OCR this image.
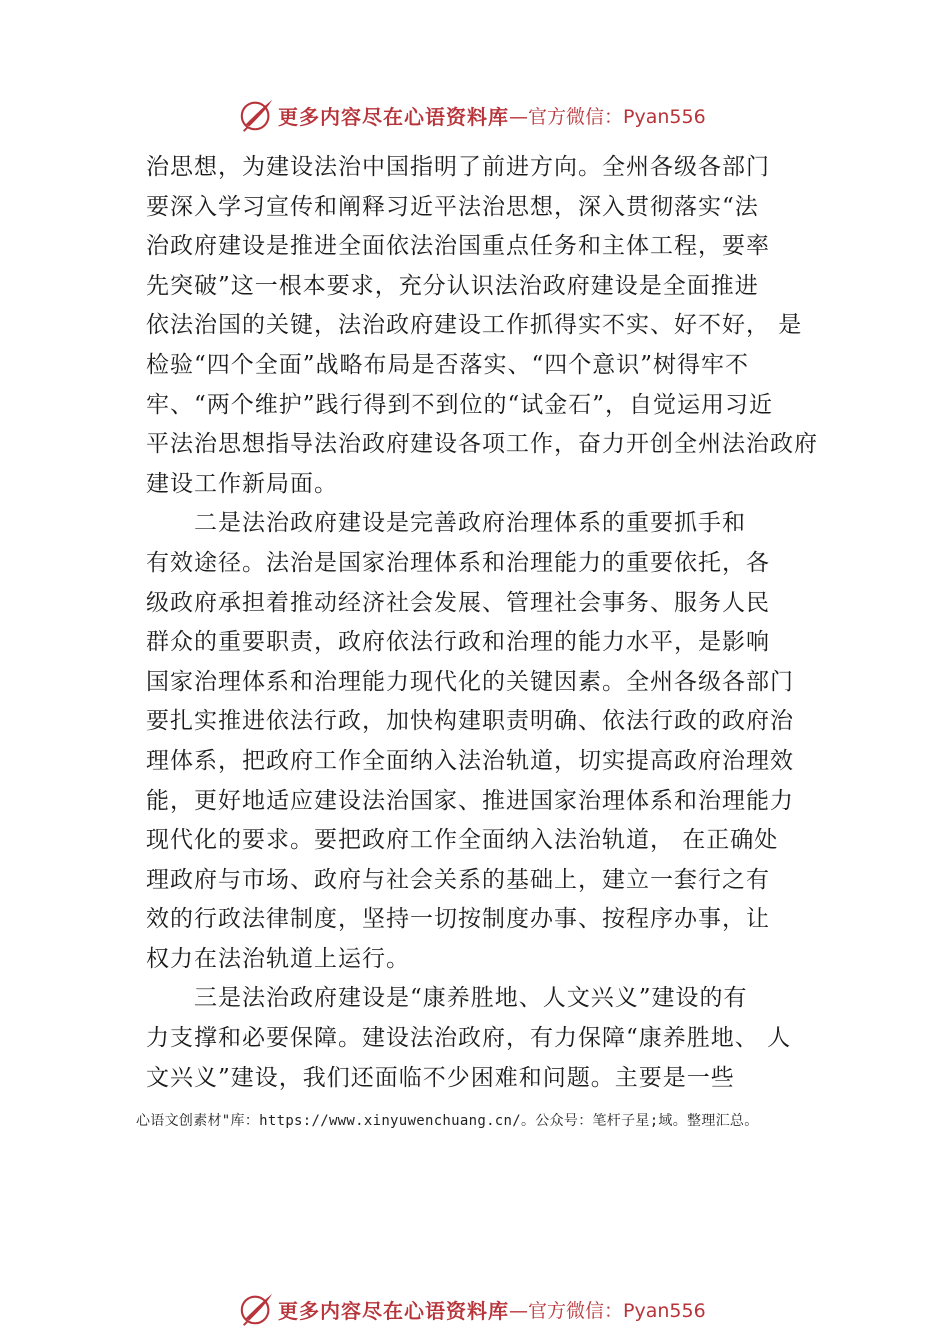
更多内容尽在心语资料库 —官方微信：Pyan556
治思想，为建设法治中国指明了前进方向。全州各级各部门
要深入学习宣传和阐释习近平法治思想，深入贯彻落实“法
治政府建设是推进全面依法治国重点任务和主体工程，要率
先突破”这一根本要求，充分认识法治政府建设是全面推进
依法治国的关键，法治政府建设工作抓得实不实、好不好， 是
检验“四个全面”战略布局是否落实、“四个意识”树得牢不
牢、“两个维护”践行得到不到位的“试金石”，自觉运用习近
平法治思想指导法治政府建设各项工作，奋力开创全州法治政府
建设工作新局面。
　　二是法治政府建设是完善政府治理体系的重要抓手和
有效途径。法治是国家治理体系和治理能力的重要依托，各
级政府承担着推动经济社会发展、管理社会事务、服务人民
群众的重要职责，政府依法行政和治理的能力水平，是影响
国家治理体系和治理能力现代化的关键因素。全州各级各部门
要扎实推进依法行政，加快构建职责明确、依法行政的政府治
理体系，把政府工作全面纳入法治轨道，切实提高政府治理效
能，更好地适应建设法治国家、推进国家治理体系和治理能力
现代化的要求。要把政府工作全面纳入法治轨道， 在正确处
理政府与市场、政府与社会关系的基础上，建立一套行之有
效的行政法律制度，坚持一切按制度办事、按程序办事，让
权力在法治轨道上运行。
　　三是法治政府建设是“康养胜地、人文兴义”建设的有
力支撑和必要保障。建设法治政府，有力保障“康养胜地、 人
文兴义”建设，我们还面临不少困难和问题。主要是一些
心语文创素材"库：https://www.xinyuwenchuang.cn/。公众号：笔杆子星;域。整理汇总。
更多内容尽在心语资料库 —官方微信：Pyan556
